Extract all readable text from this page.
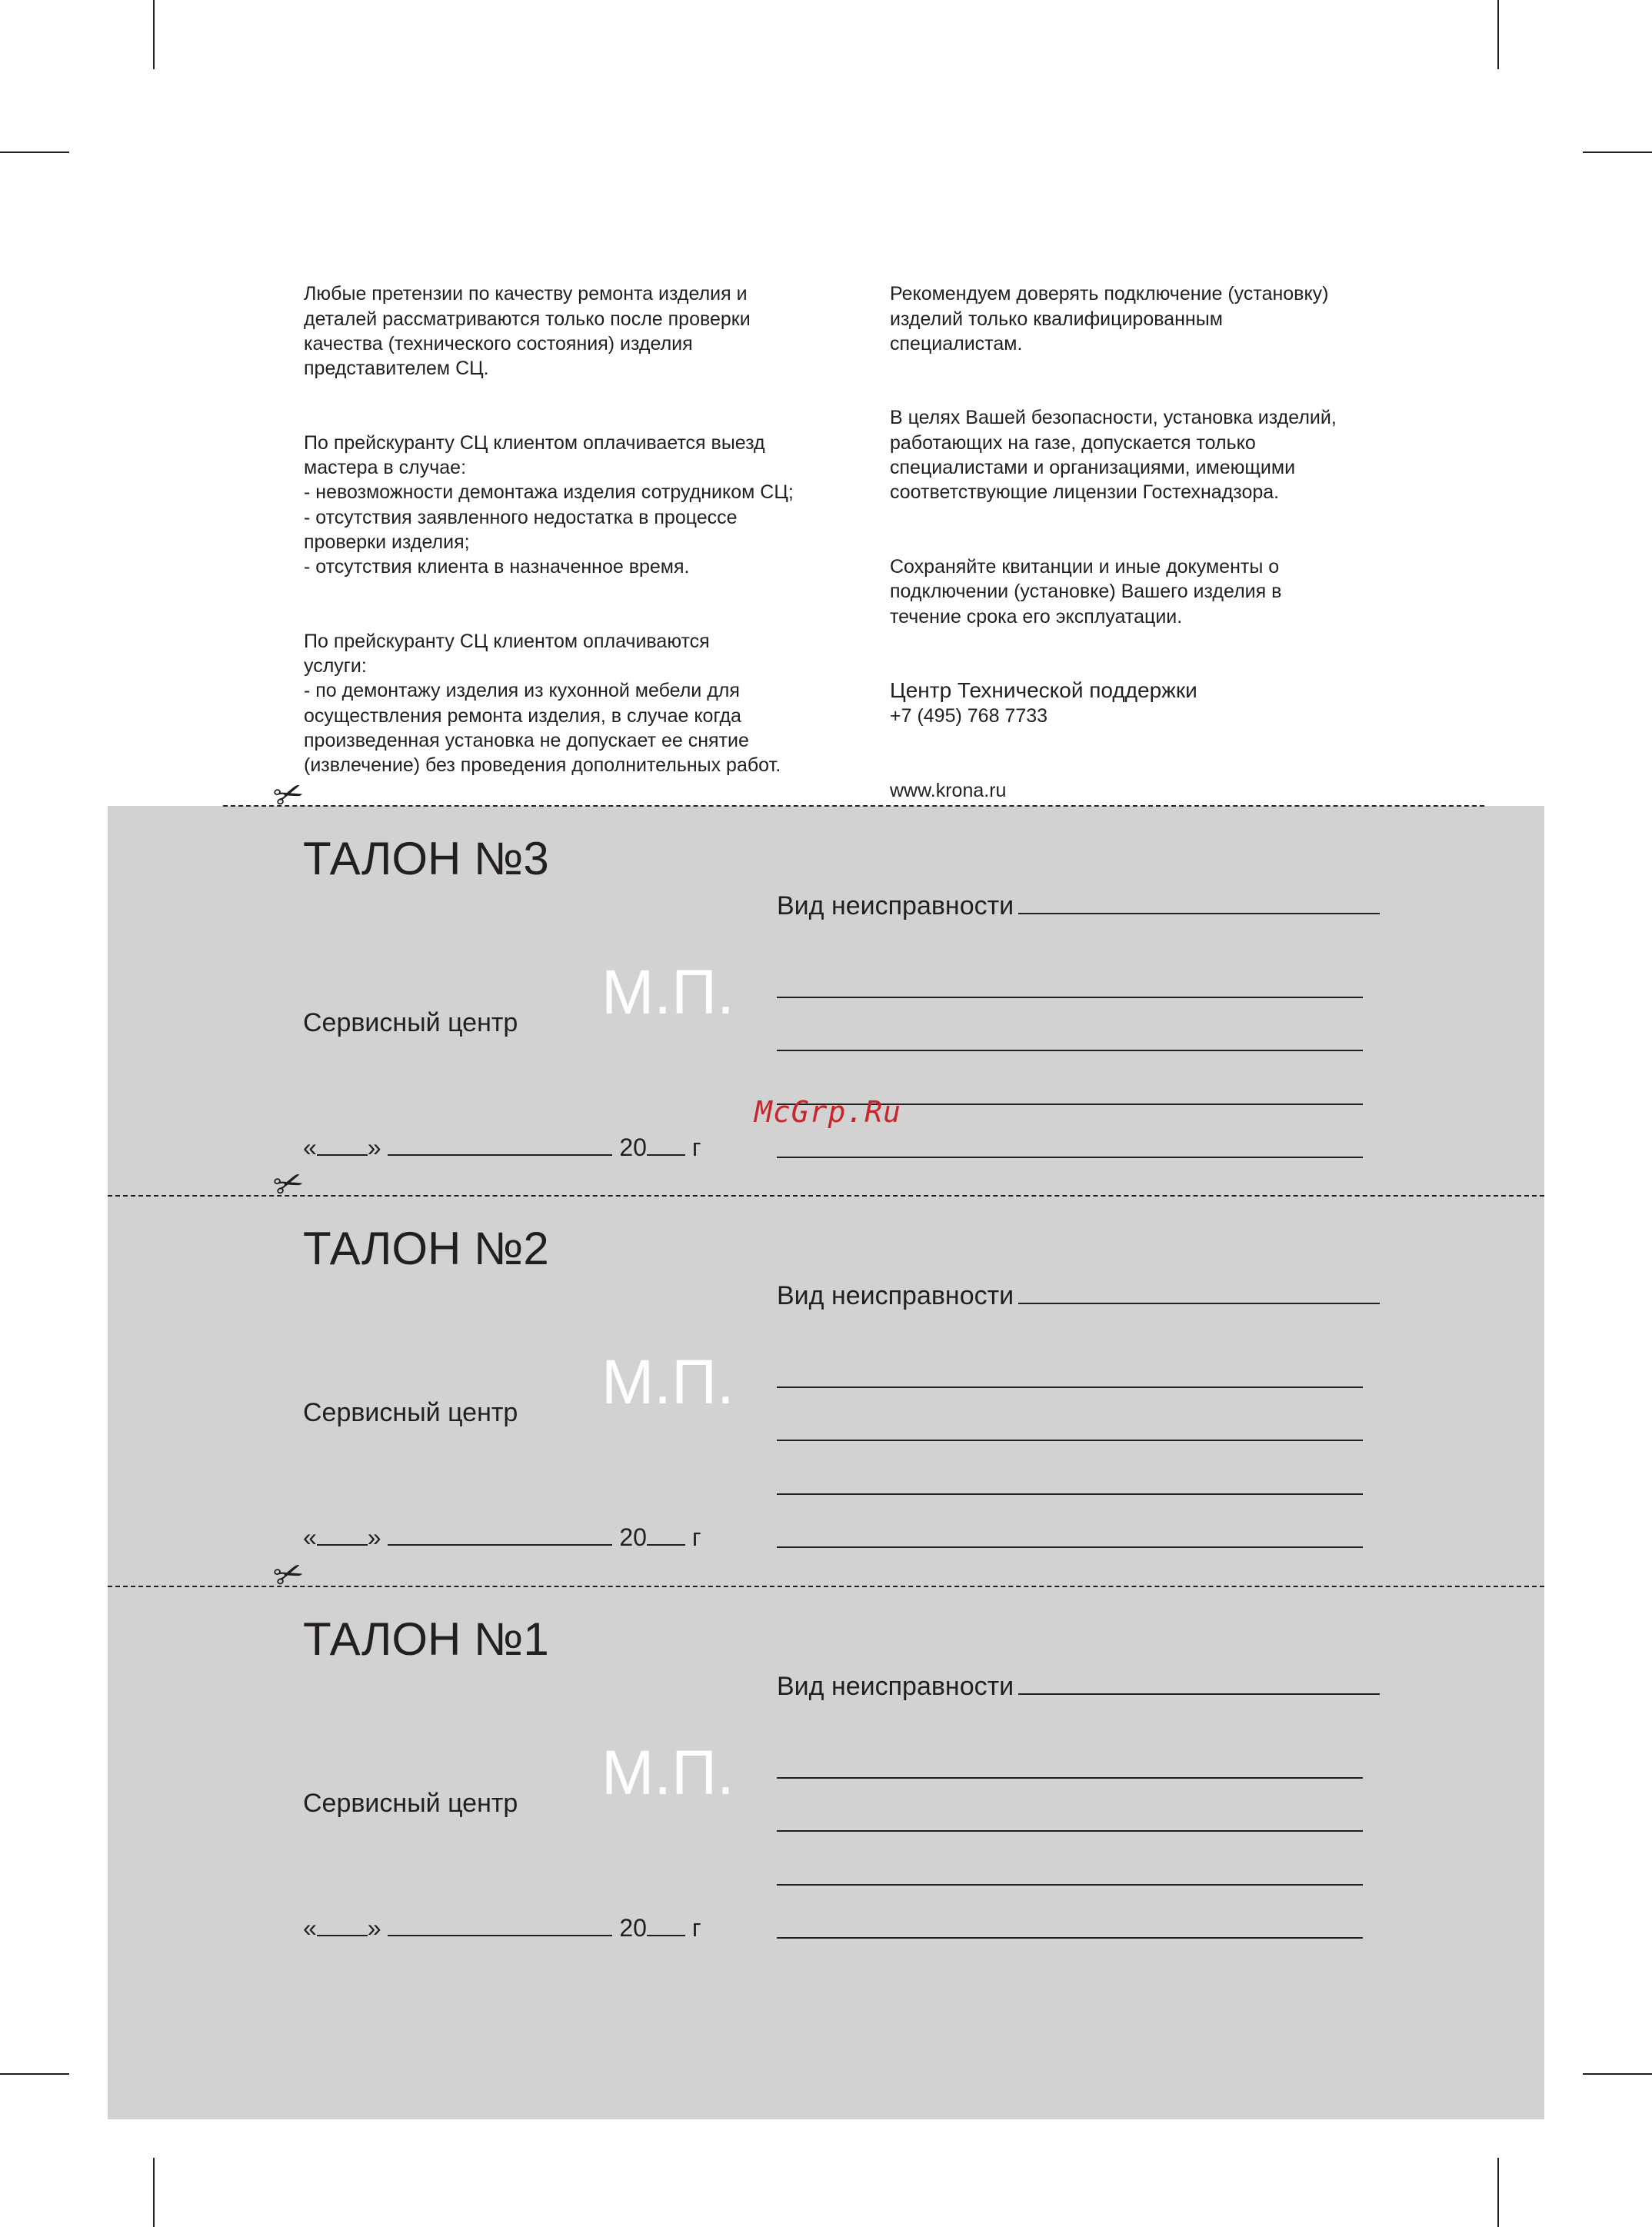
Любые претензии по качеству ремонта изделия и
деталей рассматриваются только после проверки
качества (технического состояния) изделия
представителем СЦ.

По прейскуранту СЦ клиентом оплачивается выезд
мастера в случае:
- невозможности демонтажа изделия сотрудником СЦ;
- отсутствия заявленного недостатка в процессе
проверки изделия;
- отсутствия клиента в назначенное время.

По прейскуранту СЦ клиентом оплачиваются
услуги:
- по демонтажу изделия из кухонной мебели для
осуществления ремонта изделия, в случае когда
произведенная установка не допускает ее снятие
(извлечение) без проведения дополнительных работ.

Рекомендуем доверять подключение (установку)
изделий только квалифицированным
специалистам.

В целях Вашей безопасности, установка изделий,
работающих на газе, допускается только
специалистами и организациями, имеющими
соответствующие лицензии Гостехнадзора.

Сохраняйте квитанции и иные документы о
подключении (установке) Вашего изделия в
течение срока его эксплуатации.

Центр Технической поддержки
+7 (495) 768 7733

www.krona.ru

✂
✂
✂
ТАЛОН №3
Вид неисправности
Сервисный центр М.П.
« »	20 г
ТАЛОН №2
Вид неисправности
Сервисный центр М.П.
« »	20 г
ТАЛОН №1
Вид неисправности
Сервисный центр М.П.
« »	20 г
McGrp.Ru
